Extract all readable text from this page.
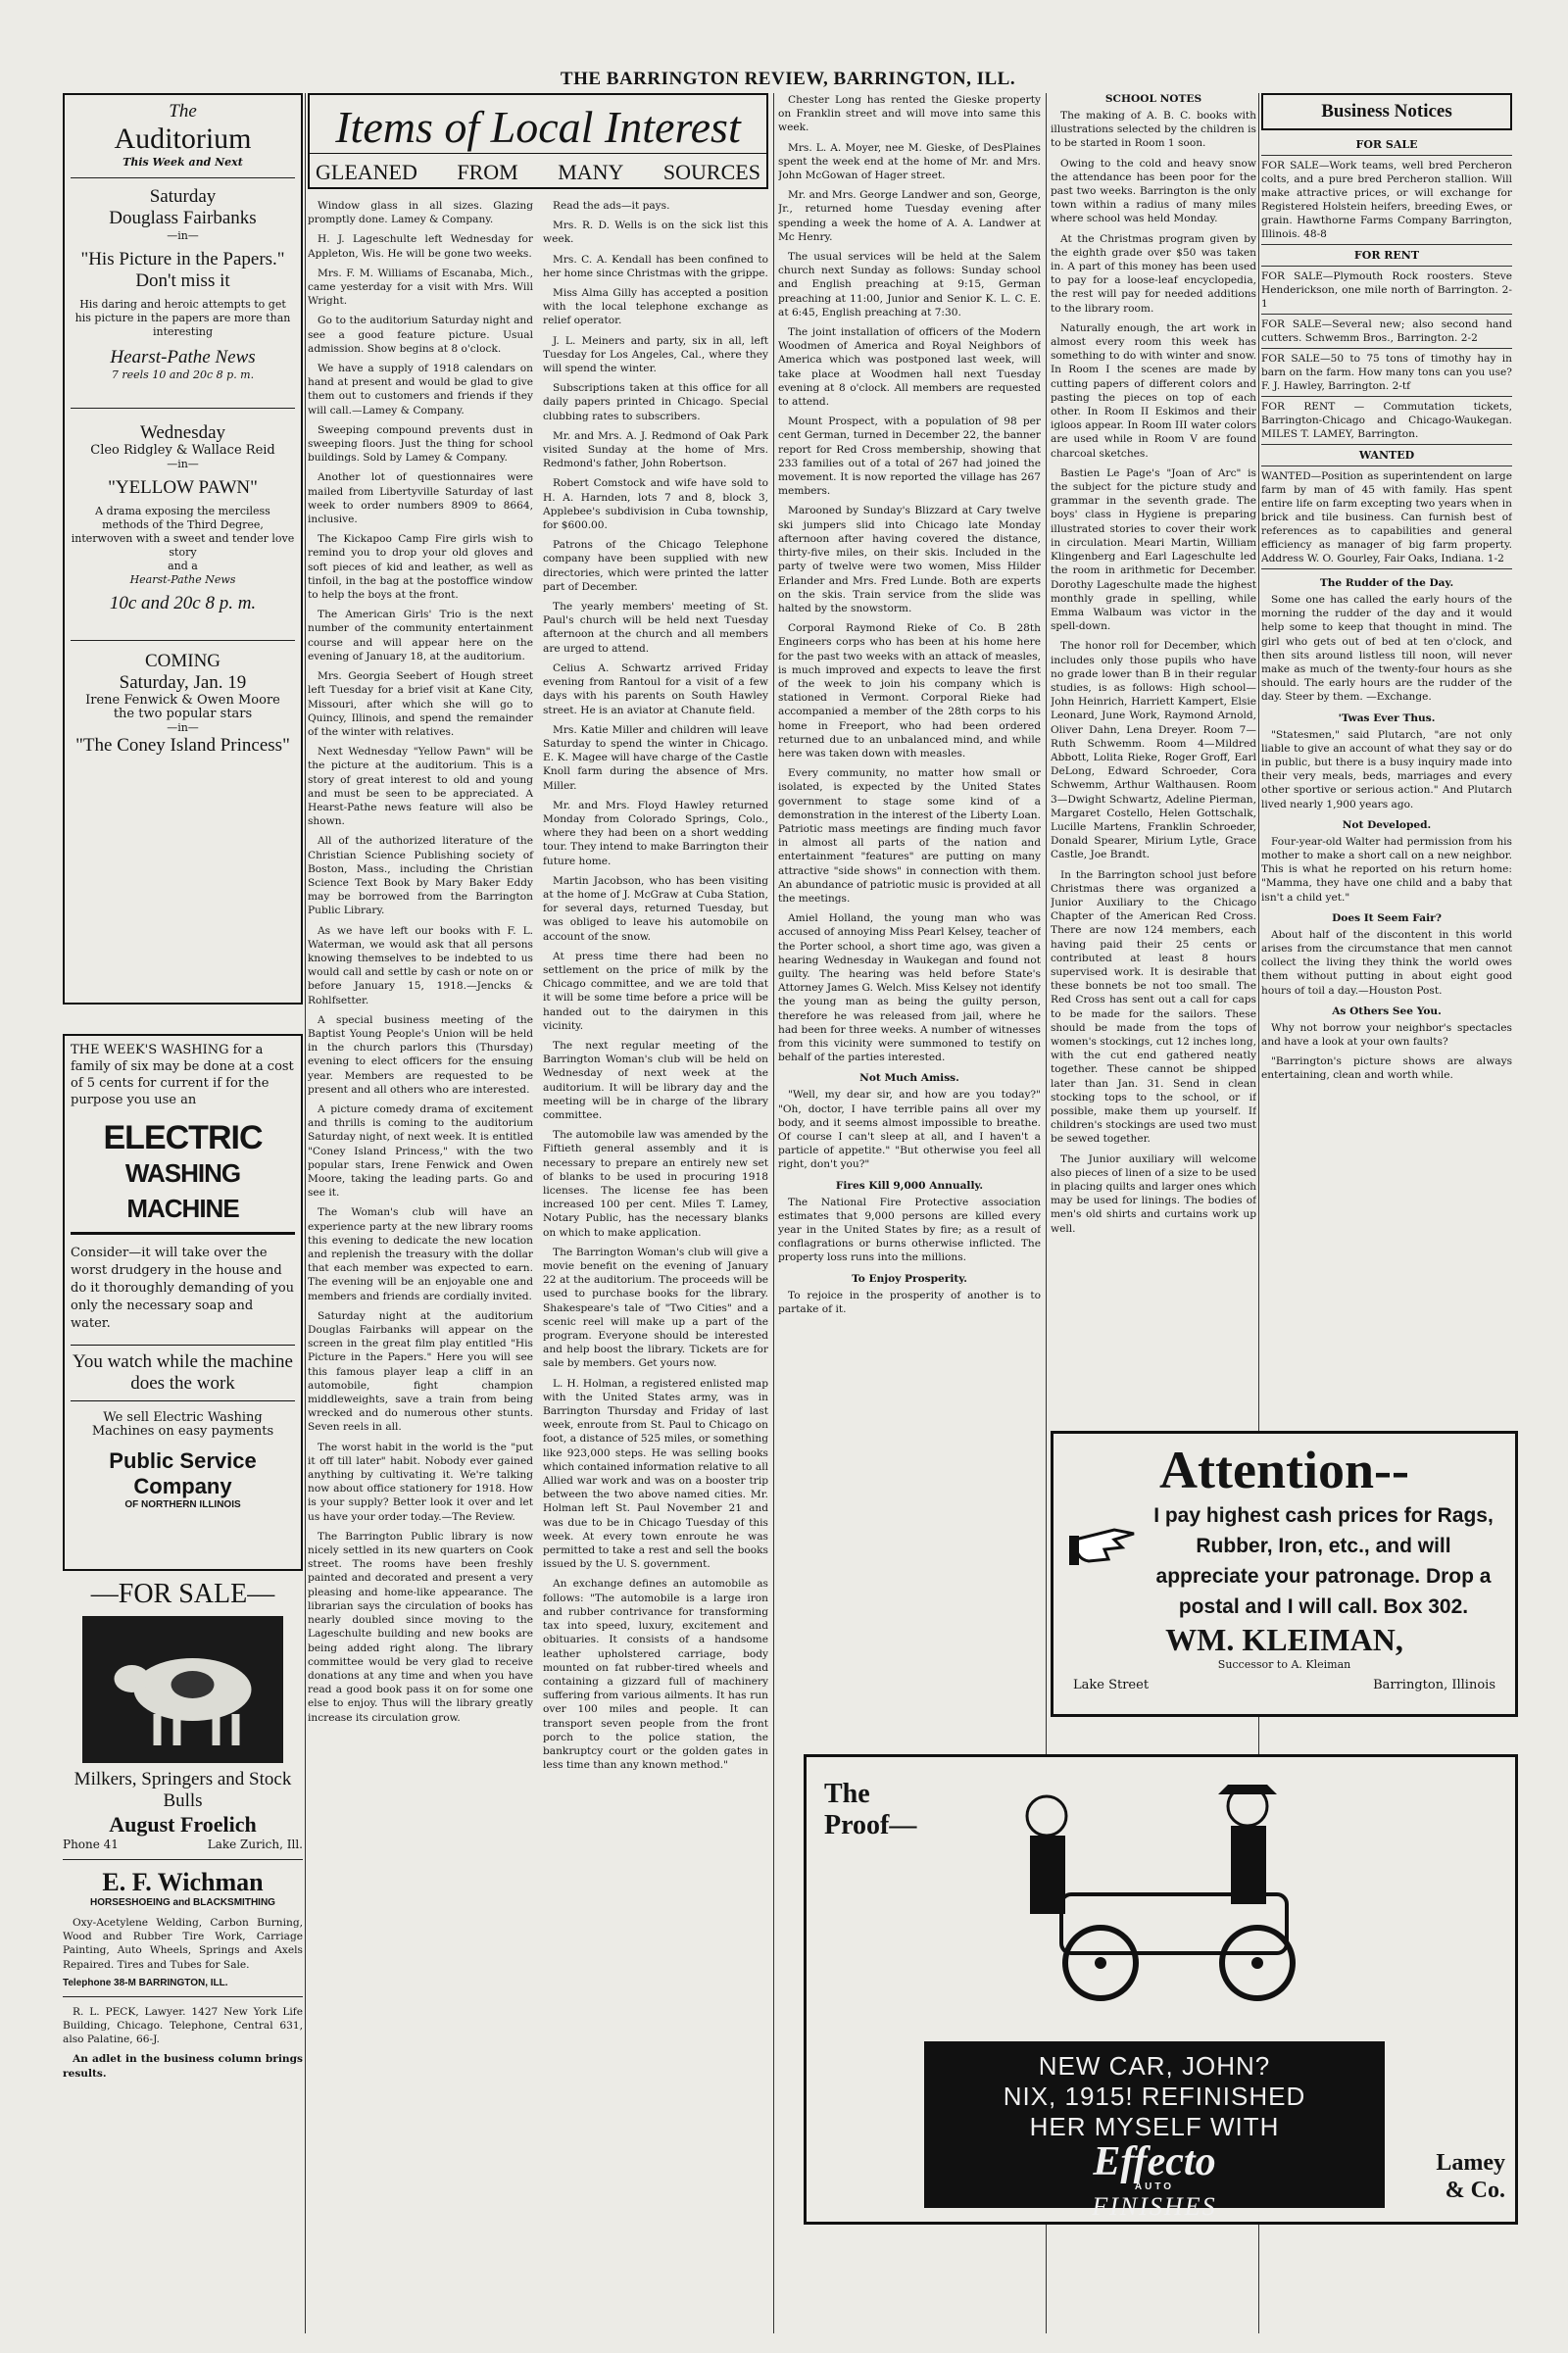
THE BARRINGTON REVIEW, BARRINGTON, ILL.
The
Auditorium
This Week and Next
Saturday
Douglass Fairbanks
—in—
"His Picture in the Papers." Don't miss it
His daring and heroic attempts to get his picture in the papers are more than interesting
Hearst-Pathe News
7 reels 10 and 20c 8 p. m.
Wednesday
Cleo Ridgley & Wallace Reid
—in—
"YELLOW PAWN"
A drama exposing the merciless methods of the Third Degree, interwoven with a sweet and tender love story
and a
Hearst-Pathe News
10c and 20c 8 p. m.
COMING
Saturday, Jan. 19
Irene Fenwick & Owen Moore
the two popular stars
—in—
"The Coney Island Princess"
THE WEEK'S WASHING for a family of six may be done at a cost of 5 cents for current if for the purpose you use an
ELECTRIC
WASHING MACHINE
Consider—it will take over the worst drudgery in the house and do it thoroughly demanding of you only the necessary soap and water.
You watch while the machine does the work
We sell Electric Washing Machines on easy payments
Public Service Company
OF NORTHERN ILLINOIS
—FOR SALE—
Milkers, Springers and Stock Bulls
August Froelich
Phone 41	Lake Zurich, Ill.
E. F. Wichman
HORSESHOEING and BLACKSMITHING
Oxy-Acetylene Welding, Carbon Burning, Wood and Rubber Tire Work, Carriage Painting, Auto Wheels, Springs and Axels Repaired. Tires and Tubes for Sale.
Telephone 38-M BARRINGTON, ILL.
R. L. PECK, Lawyer. 1427 New York Life Building, Chicago. Telephone, Central 631, also Palatine, 66-J.
An adlet in the business column brings results.
Items of Local Interest
GLEANED FROM MANY SOURCES

Window glass in all sizes. Glazing promptly done. Lamey & Company.

H. J. Lageschulte left Wednesday for Appleton, Wis. He will be gone two weeks.

Mrs. F. M. Williams of Escanaba, Mich., came yesterday for a visit with Mrs. Will Wright.

Go to the auditorium Saturday night and see a good feature picture. Usual admission. Show begins at 8 o'clock.

We have a supply of 1918 calendars on hand at present and would be glad to give them out to customers and friends if they will call.—Lamey & Company.

Sweeping compound prevents dust in sweeping floors. Just the thing for school buildings. Sold by Lamey & Company.

Another lot of questionnaires were mailed from Libertyville Saturday of last week to order numbers 8909 to 8664, inclusive.

The Kickapoo Camp Fire girls wish to remind you to drop your old gloves and soft pieces of kid and leather, as well as tinfoil, in the bag at the postoffice window to help the boys at the front.

The American Girls' Trio is the next number of the community entertainment course and will appear here on the evening of January 18, at the auditorium.

Mrs. Georgia Seebert of Hough street left Tuesday for a brief visit at Kane City, Missouri, after which she will go to Quincy, Illinois, and spend the remainder of the winter with relatives.

Next Wednesday "Yellow Pawn" will be the picture at the auditorium. This is a story of great interest to old and young and must be seen to be appreciated. A Hearst-Pathe news feature will also be shown.

All of the authorized literature of the Christian Science Publishing society of Boston, Mass., including the Christian Science Text Book by Mary Baker Eddy may be borrowed from the Barrington Public Library.

As we have left our books with F. L. Waterman, we would ask that all persons knowing themselves to be indebted to us would call and settle by cash or note on or before January 15, 1918.—Jencks & Rohlfsetter.

A special business meeting of the Baptist Young People's Union will be held in the church parlors this (Thursday) evening to elect officers for the ensuing year. Members are requested to be present and all others who are interested.

A picture comedy drama of excitement and thrills is coming to the auditorium Saturday night, of next week. It is entitled "Coney Island Princess," with the two popular stars, Irene Fenwick and Owen Moore, taking the leading parts. Go and see it.

The Woman's club will have an experience party at the new library rooms this evening to dedicate the new location and replenish the treasury with the dollar that each member was expected to earn. The evening will be an enjoyable one and members and friends are cordially invited.

Saturday night at the auditorium Douglas Fairbanks will appear on the screen in the great film play entitled "His Picture in the Papers." Here you will see this famous player leap a cliff in an automobile, fight champion middleweights, save a train from being wrecked and do numerous other stunts. Seven reels in all.

The worst habit in the world is the "put it off till later" habit. Nobody ever gained anything by cultivating it. We're talking now about office stationery for 1918. How is your supply? Better look it over and let us have your order today.—The Review.

The Barrington Public library is now nicely settled in its new quarters on Cook street. The rooms have been freshly painted and decorated and present a very pleasing and home-like appearance. The librarian says the circulation of books has nearly doubled since moving to the Lageschulte building and new books are being added right along. The library committee would be very glad to receive donations at any time and when you have read a good book pass it on for some one else to enjoy. Thus will the library greatly increase its circulation grow.

Read the ads—it pays.

Mrs. R. D. Wells is on the sick list this week.

Mrs. C. A. Kendall has been confined to her home since Christmas with the grippe.

Miss Alma Gilly has accepted a position with the local telephone exchange as relief operator.

J. L. Meiners and party, six in all, left Tuesday for Los Angeles, Cal., where they will spend the winter.

Subscriptions taken at this office for all daily papers printed in Chicago. Special clubbing rates to subscribers.

Mr. and Mrs. A. J. Redmond of Oak Park visited Sunday at the home of Mrs. Redmond's father, John Robertson.

Robert Comstock and wife have sold to H. A. Harnden, lots 7 and 8, block 3, Applebee's subdivision in Cuba township, for $600.00.

Patrons of the Chicago Telephone company have been supplied with new directories, which were printed the latter part of December.

The yearly members' meeting of St. Paul's church will be held next Tuesday afternoon at the church and all members are urged to attend.

Celius A. Schwartz arrived Friday evening from Rantoul for a visit of a few days with his parents on South Hawley street. He is an aviator at Chanute field.

Mrs. Katie Miller and children will leave Saturday to spend the winter in Chicago. E. K. Magee will have charge of the Castle Knoll farm during the absence of Mrs. Miller.

Mr. and Mrs. Floyd Hawley returned Monday from Colorado Springs, Colo., where they had been on a short wedding tour. They intend to make Barrington their future home.

Martin Jacobson, who has been visiting at the home of J. McGraw at Cuba Station, for several days, returned Tuesday, but was obliged to leave his automobile on account of the snow.

At press time there had been no settlement on the price of milk by the Chicago committee, and we are told that it will be some time before a price will be handed out to the dairymen in this vicinity.

The next regular meeting of the Barrington Woman's club will be held on Wednesday of next week at the auditorium. It will be library day and the meeting will be in charge of the library committee.

The automobile law was amended by the Fiftieth general assembly and it is necessary to prepare an entirely new set of blanks to be used in procuring 1918 licenses. The license fee has been increased 100 per cent. Miles T. Lamey, Notary Public, has the necessary blanks on which to make application.

The Barrington Woman's club will give a movie benefit on the evening of January 22 at the auditorium. The proceeds will be used to purchase books for the library. Shakespeare's tale of "Two Cities" and a scenic reel will make up a part of the program. Everyone should be interested and help boost the library. Tickets are for sale by members. Get yours now.

L. H. Holman, a registered enlisted map with the United States army, was in Barrington Thursday and Friday of last week, enroute from St. Paul to Chicago on foot, a distance of 525 miles, or something like 923,000 steps. He was selling books which contained information relative to all Allied war work and was on a booster trip between the two above named cities. Mr. Holman left St. Paul November 21 and was due to be in Chicago Tuesday of this week. At every town enroute he was permitted to take a rest and sell the books issued by the U. S. government.

An exchange defines an automobile as follows: "The automobile is a large iron and rubber contrivance for transforming tax into speed, luxury, excitement and obituaries. It consists of a handsome leather upholstered carriage, body mounted on fat rubber-tired wheels and containing a gizzard full of machinery suffering from various ailments. It has run over 100 miles and people. It can transport seven people from the front porch to the police station, the bankruptcy court or the golden gates in less time than any known method."

Chester Long has rented the Gieske property on Franklin street and will move into same this week.

Mrs. L. A. Moyer, nee M. Gieske, of DesPlaines spent the week end at the home of Mr. and Mrs. John McGowan of Hager street.

Mr. and Mrs. George Landwer and son, George, Jr., returned home Tuesday evening after spending a week the home of A. A. Landwer at Mc Henry.

The usual services will be held at the Salem church next Sunday as follows: Sunday school and English preaching at 9:15, German preaching at 11:00, Junior and Senior K. L. C. E. at 6:45, English preaching at 7:30.

The joint installation of officers of the Modern Woodmen of America and Royal Neighbors of America which was postponed last week, will take place at Woodmen hall next Tuesday evening at 8 o'clock. All members are requested to attend.

Mount Prospect, with a population of 98 per cent German, turned in December 22, the banner report for Red Cross membership, showing that 233 families out of a total of 267 had joined the movement. It is now reported the village has 267 members.

Marooned by Sunday's Blizzard at Cary twelve ski jumpers slid into Chicago late Monday afternoon after having covered the distance, thirty-five miles, on their skis. Included in the party of twelve were two women, Miss Hilder Erlander and Mrs. Fred Lunde. Both are experts on the skis. Train service from the slide was halted by the snowstorm.

Corporal Raymond Rieke of Co. B 28th Engineers corps who has been at his home here for the past two weeks with an attack of measles, is much improved and expects to leave the first of the week to join his company which is stationed in Vermont. Corporal Rieke had accompanied a member of the 28th corps to his home in Freeport, who had been ordered returned due to an unbalanced mind, and while here was taken down with measles.

Every community, no matter how small or isolated, is expected by the United States government to stage some kind of a demonstration in the interest of the Liberty Loan. Patriotic mass meetings are finding much favor in almost all parts of the nation and entertainment "features" are putting on many attractive "side shows" in connection with them. An abundance of patriotic music is provided at all the meetings.

Amiel Holland, the young man who was accused of annoying Miss Pearl Kelsey, teacher of the Porter school, a short time ago, was given a hearing Wednesday in Waukegan and found not guilty. The hearing was held before State's Attorney James G. Welch. Miss Kelsey not identify the young man as being the guilty person, therefore he was released from jail, where he had been for three weeks. A number of witnesses from this vicinity were summoned to testify on behalf of the parties interested.

Not Much Amiss.

"Well, my dear sir, and how are you today?" "Oh, doctor, I have terrible pains all over my body, and it seems almost impossible to breathe. Of course I can't sleep at all, and I haven't a particle of appetite." "But otherwise you feel all right, don't you?"

Fires Kill 9,000 Annually.

The National Fire Protective association estimates that 9,000 persons are killed every year in the United States by fire; as a result of conflagrations or burns otherwise inflicted. The property loss runs into the millions.

To Enjoy Prosperity.

To rejoice in the prosperity of another is to partake of it.

SCHOOL NOTES

The making of A. B. C. books with illustrations selected by the children is to be started in Room 1 soon.

Owing to the cold and heavy snow the attendance has been poor for the past two weeks. Barrington is the only town within a radius of many miles where school was held Monday.

At the Christmas program given by the eighth grade over $50 was taken in. A part of this money has been used to pay for a loose-leaf encyclopedia, the rest will pay for needed additions to the library room.

Naturally enough, the art work in almost every room this week has something to do with winter and snow. In Room I the scenes are made by cutting papers of different colors and pasting the pieces on top of each other. In Room II Eskimos and their igloos appear. In Room III water colors are used while in Room V are found charcoal sketches.

Bastien Le Page's "Joan of Arc" is the subject for the picture study and grammar in the seventh grade. The boys' class in Hygiene is preparing illustrated stories to cover their work in circulation. Meari Martin, William Klingenberg and Earl Lageschulte led the room in arithmetic for December. Dorothy Lageschulte made the highest monthly grade in spelling, while Emma Walbaum was victor in the spell-down.

The honor roll for December, which includes only those pupils who have no grade lower than B in their regular studies, is as follows: High school—John Heinrich, Harriett Kampert, Elsie Leonard, June Work, Raymond Arnold, Oliver Dahn, Lena Dreyer. Room 7—Ruth Schwemm. Room 4—Mildred Abbott, Lolita Rieke, Roger Groff, Earl DeLong, Edward Schroeder, Cora Schwemm, Arthur Walthausen. Room 3—Dwight Schwartz, Adeline Pierman, Margaret Costello, Helen Gottschalk, Lucille Martens, Franklin Schroeder, Donald Spearer, Mirium Lytle, Grace Castle, Joe Brandt.

In the Barrington school just before Christmas there was organized a Junior Auxiliary to the Chicago Chapter of the American Red Cross. There are now 124 members, each having paid their 25 cents or contributed at least 8 hours supervised work. It is desirable that these bonnets be not too small. The Red Cross has sent out a call for caps to be made for the sailors. These should be made from the tops of women's stockings, cut 12 inches long, with the cut end gathered neatly together. These cannot be shipped later than Jan. 31. Send in clean stocking tops to the school, or if possible, make them up yourself. If children's stockings are used two must be sewed together.

The Junior auxiliary will welcome also pieces of linen of a size to be used in placing quilts and larger ones which may be used for linings. The bodies of men's old shirts and curtains work up well.

Business Notices
FOR SALE
FOR SALE—Work teams, well bred Percheron colts, and a pure bred Percheron stallion. Will make attractive prices, or will exchange for Registered Holstein heifers, breeding Ewes, or grain. Hawthorne Farms Company Barrington, Illinois. 48-8
FOR RENT
FOR SALE—Plymouth Rock roosters. Steve Henderickson, one mile north of Barrington. 2-1
FOR SALE—Several new; also second hand cutters. Schwemm Bros., Barrington. 2-2
FOR SALE—50 to 75 tons of timothy hay in barn on the farm. How many tons can you use? F. J. Hawley, Barrington. 2-tf
FOR RENT — Commutation tickets, Barrington-Chicago and Chicago-Waukegan. MILES T. LAMEY, Barrington.
WANTED
WANTED—Position as superintendent on large farm by man of 45 with family. Has spent entire life on farm excepting two years when in brick and tile business. Can furnish best of references as to capabilities and general efficiency as manager of big farm property. Address W. O. Gourley, Fair Oaks, Indiana. 1-2
The Rudder of the Day.

Some one has called the early hours of the morning the rudder of the day and it would help some to keep that thought in mind. The girl who gets out of bed at ten o'clock, and then sits around listless till noon, will never make as much of the twenty-four hours as she should. The early hours are the rudder of the day. Steer by them. —Exchange.

'Twas Ever Thus.

"Statesmen," said Plutarch, "are not only liable to give an account of what they say or do in public, but there is a busy inquiry made into their very meals, beds, marriages and every other sportive or serious action." And Plutarch lived nearly 1,900 years ago.

Not Developed.

Four-year-old Walter had permission from his mother to make a short call on a new neighbor. This is what he reported on his return home: "Mamma, they have one child and a baby that isn't a child yet."

Does It Seem Fair?

About half of the discontent in this world arises from the circumstance that men cannot collect the living they think the world owes them without putting in about eight good hours of toil a day.—Houston Post.

As Others See You.

Why not borrow your neighbor's spectacles and have a look at your own faults?

"Barrington's picture shows are always entertaining, clean and worth while.

Attention--
I pay highest cash prices for Rags, Rubber, Iron, etc., and will appreciate your patronage. Drop a postal and I will call. Box 302.
WM. KLEIMAN,
Successor to A. Kleiman
Lake Street	Barrington, Illinois
The Proof—
NEW CAR, JOHN?
NIX, 1915! REFINISHED
HER MYSELF WITH
Effecto
AUTO
FINISHES
Lamey & Co.
